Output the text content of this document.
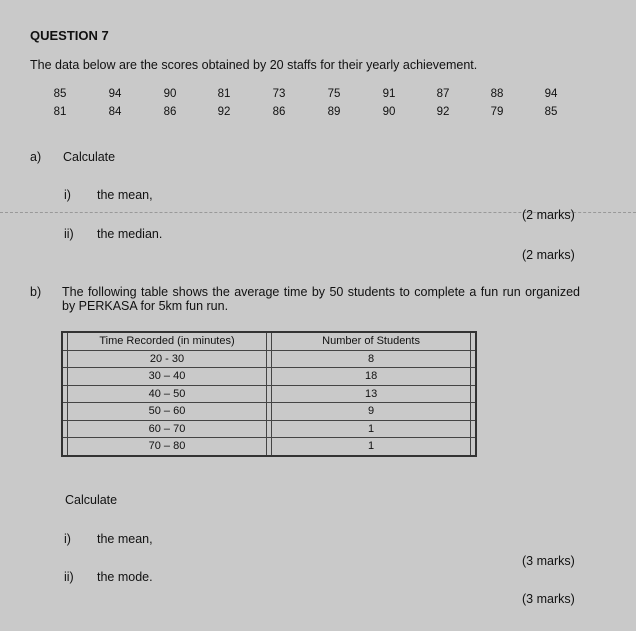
QUESTION 7
The data below are the scores obtained by 20 staffs for their yearly achievement.
85	94	90	81	73	75	91	87	88	94
81	84	86	92	86	89	90	92	79	85
a) Calculate
i) the mean,
(2 marks)
ii) the median.
(2 marks)
b) The following table shows the average time by 50 students to complete a fun run organized by PERKASA for 5km fun run.
	Time Recorded (in minutes)		Number of Students	
	20 - 30		8	
	30 – 40		18	
	40 – 50		13	
	50 – 60		9	
	60 – 70		1	
	70 – 80		1	
Calculate
i) the mean,
(3 marks)
ii) the mode.
(3 marks)
